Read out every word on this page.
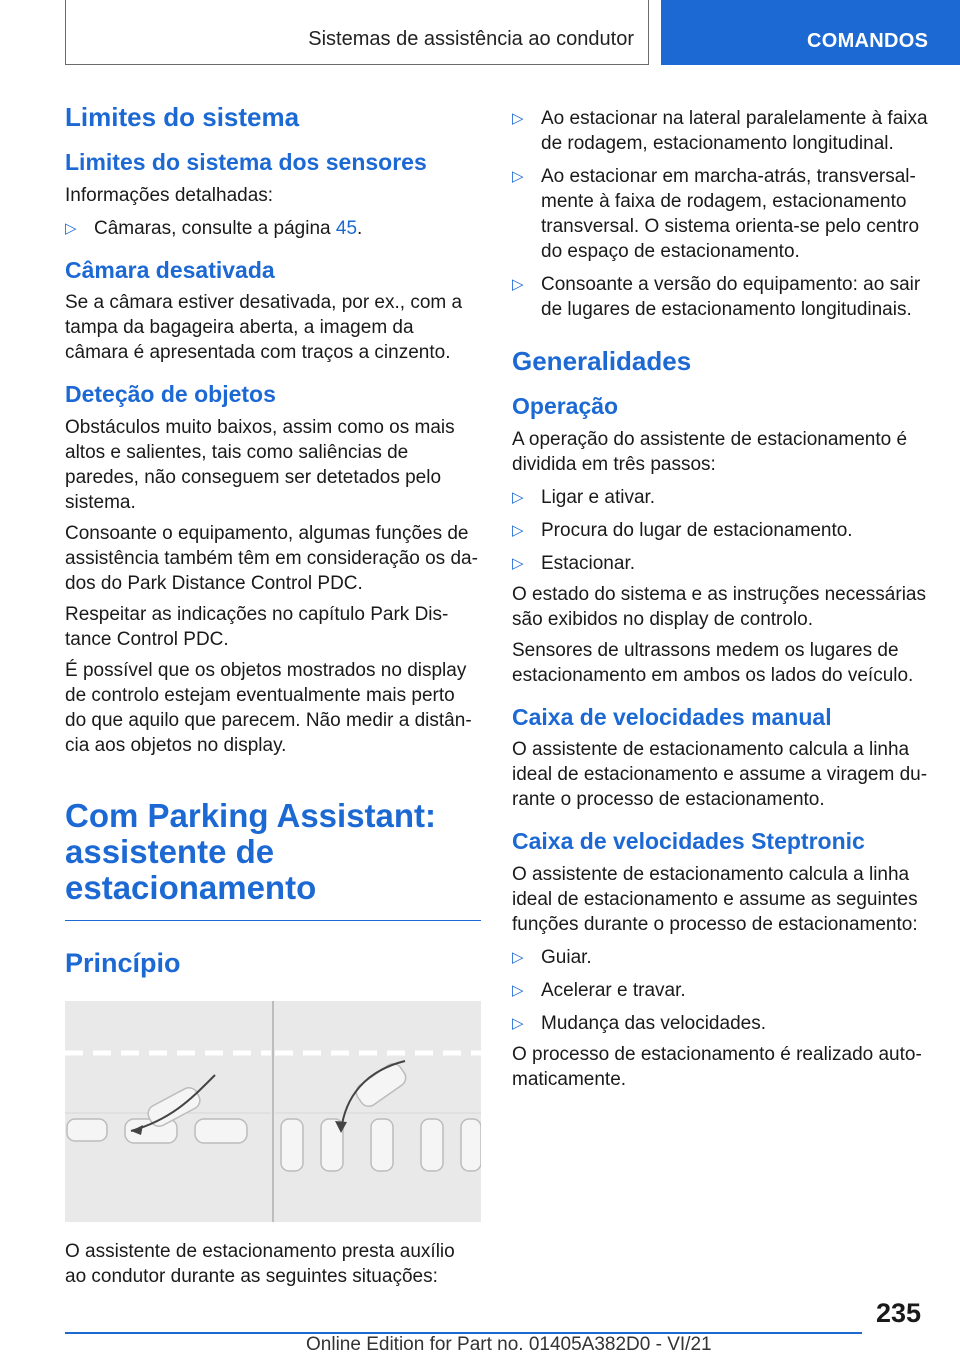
Sistemas de assistência ao condutor	COMANDOS
Limites do sistema
Limites do sistema dos sensores

Informações detalhadas:

▷ Câmaras, consulte a página 45.
Câmara desativada

Se a câmara estiver desativada, por ex., com a tampa da bagageira aberta, a imagem da câmara é apresentada com traços a cinzento.

Deteção de objetos

Obstáculos muito baixos, assim como os mais altos e salientes, tais como saliências de paredes, não conseguem ser detetados pelo sistema.

Consoante o equipamento, algumas funções de assistência também têm em consideração os dados do Park Distance Control PDC.

Respeitar as indicações no capítulo Park Distance Control PDC.

É possível que os objetos mostrados no display de controlo estejam eventualmente mais perto do que aquilo que parecem. Não medir a distância aos objetos no display.

Com Parking Assistant: assistente de estacionamento
Princípio

O assistente de estacionamento presta auxílio ao condutor durante as seguintes situações:

▷ Ao estacionar na lateral paralelamente à faixa de rodagem, estacionamento longitudinal.
▷ Ao estacionar em marcha-atrás, transversalmente à faixa de rodagem, estacionamento transversal. O sistema orienta-se pelo centro do espaço de estacionamento.
▷ Consoante a versão do equipamento: ao sair de lugares de estacionamento longitudinais.
Generalidades
Operação

A operação do assistente de estacionamento é dividida em três passos:

▷ Ligar e ativar.
▷ Procura do lugar de estacionamento.
▷ Estacionar.

O estado do sistema e as instruções necessárias são exibidos no display de controlo.

Sensores de ultrassons medem os lugares de estacionamento em ambos os lados do veículo.

Caixa de velocidades manual

O assistente de estacionamento calcula a linha ideal de estacionamento e assume a viragem durante o processo de estacionamento.

Caixa de velocidades Steptronic

O assistente de estacionamento calcula a linha ideal de estacionamento e assume as seguintes funções durante o processo de estacionamento:

▷ Guiar.
▷ Acelerar e travar.
▷ Mudança das velocidades.

O processo de estacionamento é realizado automaticamente.

235
Online Edition for Part no. 01405A382D0 - VI/21
